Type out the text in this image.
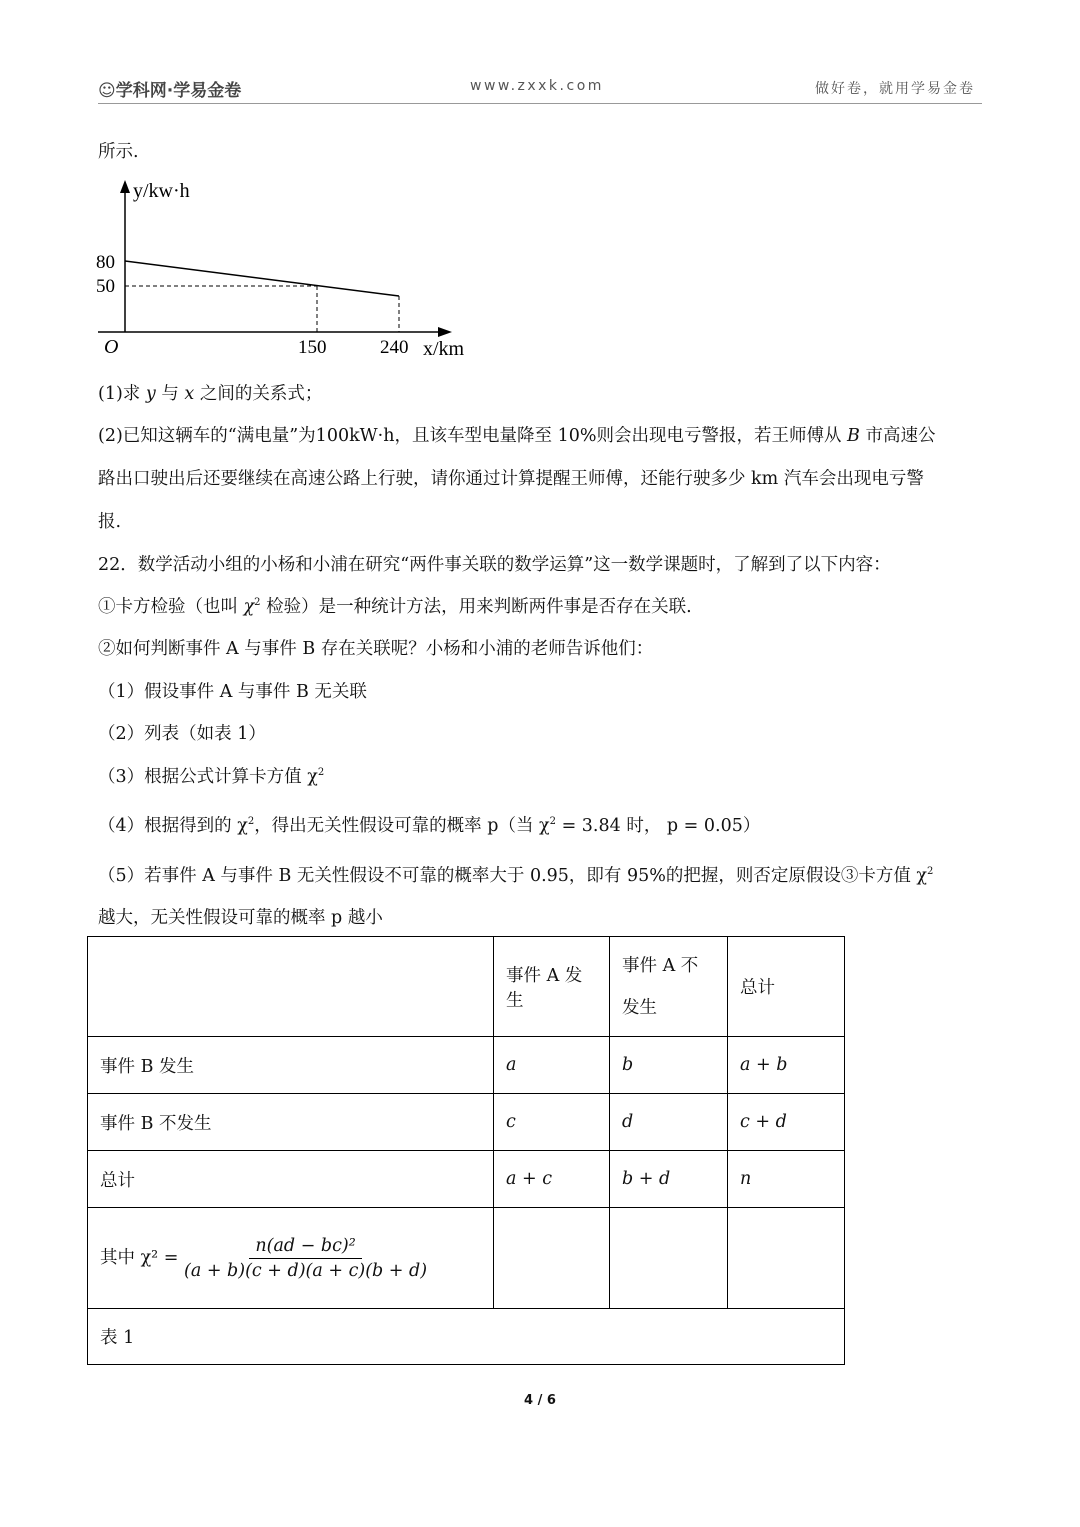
☺学科网·学易金卷	www.zxxk.com	做好卷，就用学易金卷
所示.
y/kw·h
80
50
O	150	240 x/km
(1)求 y 与 x 之间的关系式；
(2)已知这辆车的“满电量”为100kW·h，且该车型电量降至 10%则会出现电亏警报，若王师傅从 B 市高速公
路出口驶出后还要继续在高速公路上行驶，请你通过计算提醒王师傅，还能行驶多少 km 汽车会出现电亏警
报.
22．数学活动小组的小杨和小浦在研究“两件事关联的数学运算”这一数学课题时，了解到了以下内容：
①卡方检验（也叫 $\chi^2$ 检验）是一种统计方法，用来判断两件事是否存在关联.
②如何判断事件 A 与事件 B 存在关联呢？小杨和小浦的老师告诉他们：
（1）假设事件 A 与事件 B 无关联
（2）列表（如表 1）
（3）根据公式计算卡方值 $\chi^2$
（4）根据得到的 $\chi^2$，得出无关性假设可靠的概率 p（当 $\chi^2 = 3.84$ 时， p = 0.05）
（5）若事件 A 与事件 B 无关性假设不可靠的概率大于 0.95，即有 95%的把握，则否定原假设③卡方值 $\chi^2$
越大，无关性假设可靠的概率 p 越小
	事件 A 发生	事件 A 不发生	总计
事件 B 发生	a	b	a + b
事件 B 不发生	c	d	c + d
总计	a + c	b + d	n
其中 $\chi^2 = \frac{\text{n(ad − bc)²}}{(a + b)(c + d)(a + c)(b + d)}$

表 1			
4 / 6
